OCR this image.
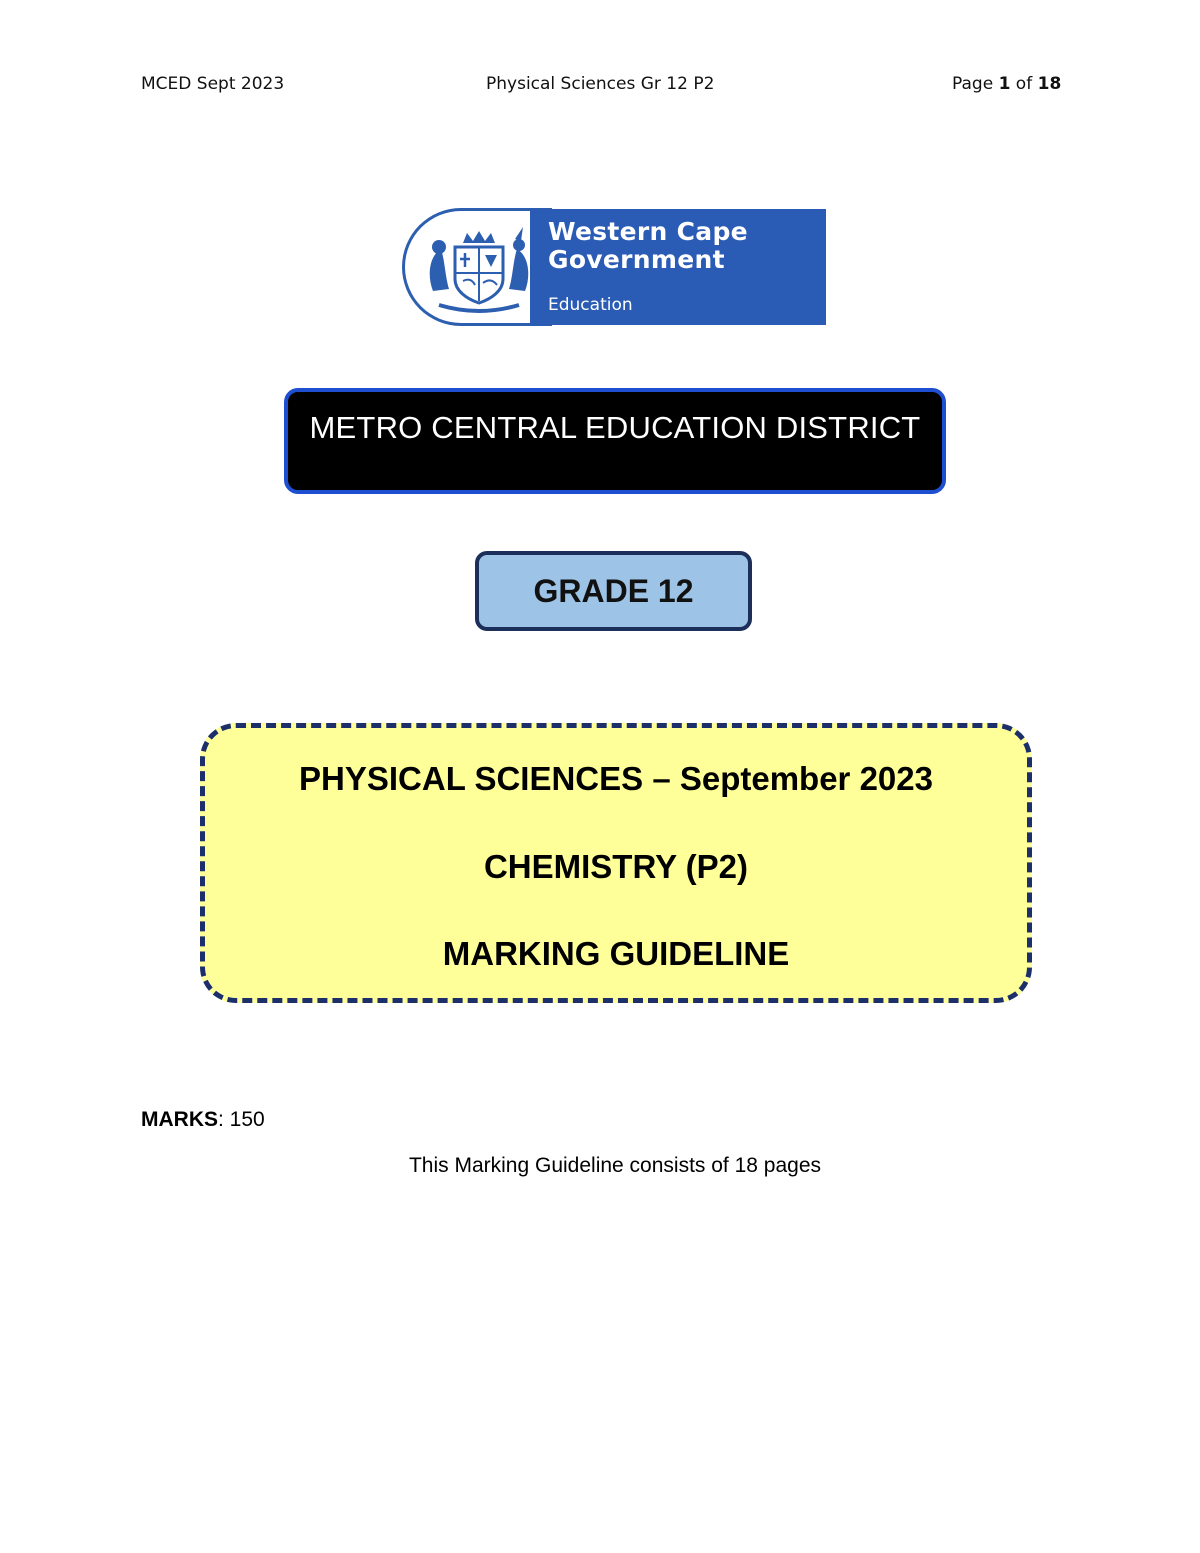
MCED Sept 2023	Physical Sciences Gr 12 P2	Page 1 of 18
Western Cape
Government
Education
METRO CENTRAL EDUCATION DISTRICT
GRADE 12
PHYSICAL SCIENCES – September 2023
CHEMISTRY (P2)
MARKING GUIDELINE
MARKS: 150
This Marking Guideline consists of 18 pages
